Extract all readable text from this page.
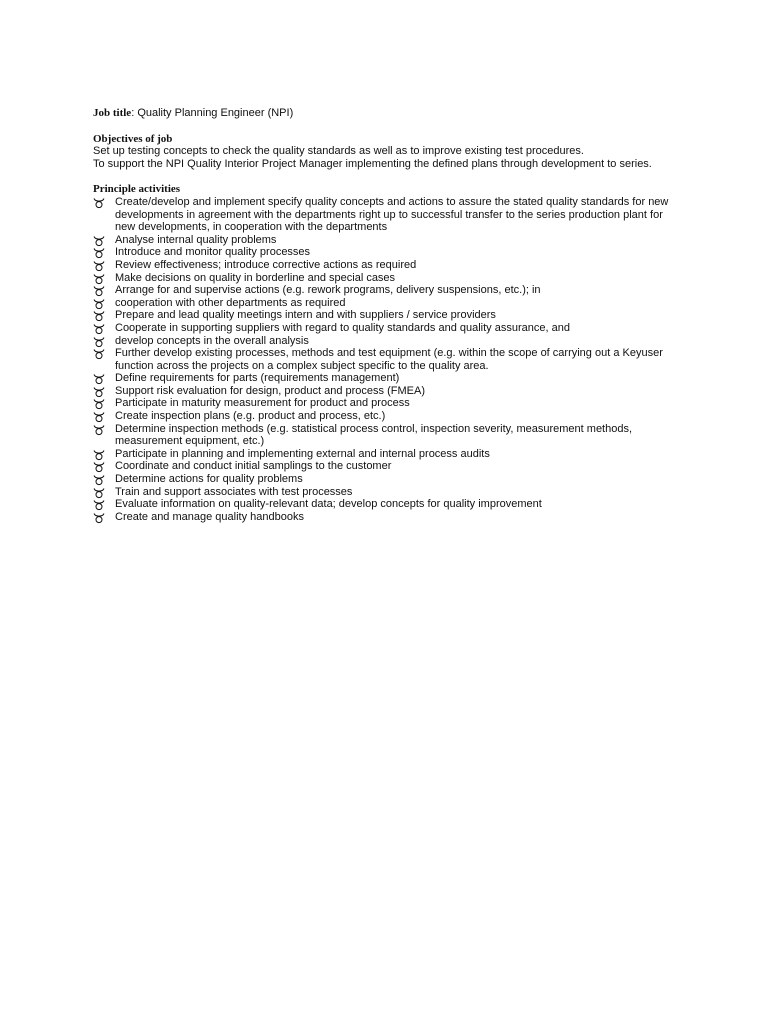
Job title: Quality Planning Engineer (NPI)

Objectives of job

Set up testing concepts to check the quality standards as well as to improve existing test procedures.

To support the NPI Quality Interior Project Manager implementing the defined plans through development to series.

Principle activities

Create/develop and implement specify quality concepts and actions to assure the stated quality standards for new developments in agreement with the departments right up to successful transfer to the series production plant for new developments, in cooperation with the departments
Analyse internal quality problems
Introduce and monitor quality processes
Review effectiveness; introduce corrective actions as required
Make decisions on quality in borderline and special cases
Arrange for and supervise actions (e.g. rework programs, delivery suspensions, etc.); in
cooperation with other departments as required
Prepare and lead quality meetings intern and with suppliers / service providers
Cooperate in supporting suppliers with regard to quality standards and quality assurance, and
develop concepts in the overall analysis
Further develop existing processes, methods and test equipment (e.g. within the scope of carrying out a Keyuser function across the projects on a complex subject specific to the quality area.
Define requirements for parts (requirements management)
Support risk evaluation for design, product and process (FMEA)
Participate in maturity measurement for product and process
Create inspection plans (e.g. product and process, etc.)
Determine inspection methods (e.g. statistical process control, inspection severity, measurement methods, measurement equipment, etc.)
Participate in planning and implementing external and internal process audits
Coordinate and conduct initial samplings to the customer
Determine actions for quality problems
Train and support associates with test processes
Evaluate information on quality-relevant data; develop concepts for quality improvement
Create and manage quality handbooks
